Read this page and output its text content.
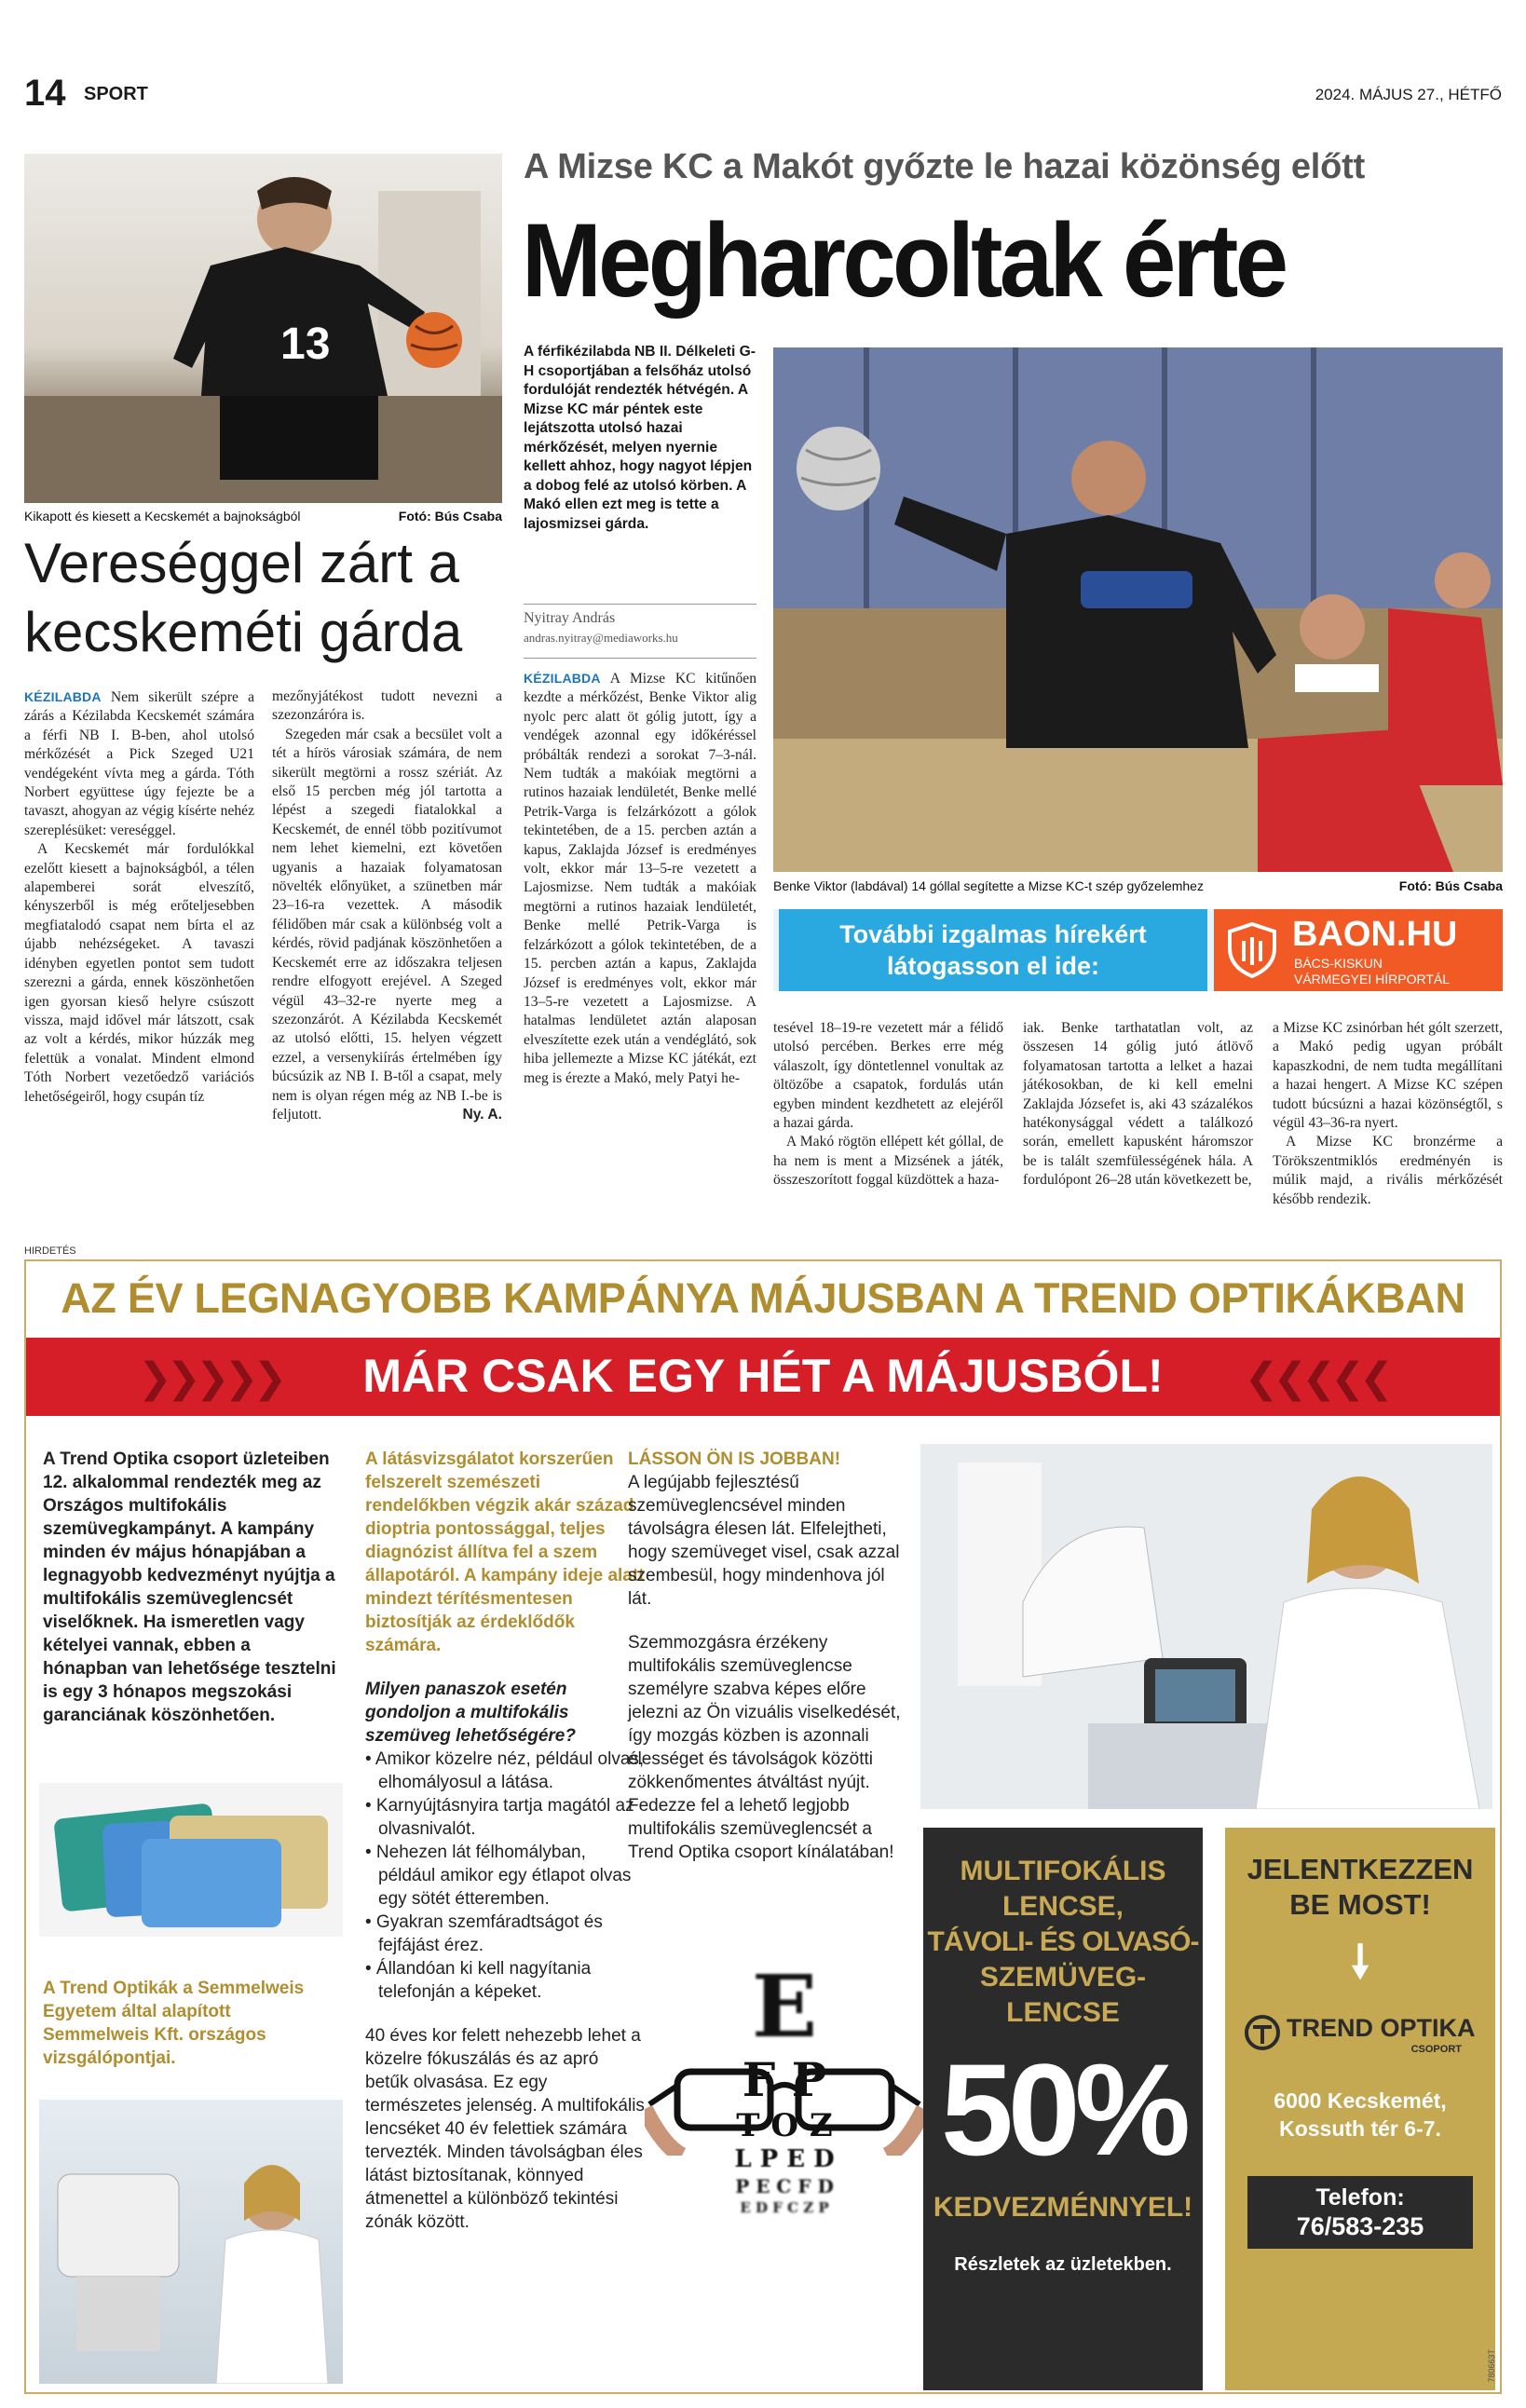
14 SPORT	2024. MÁJUS 27., HÉTFŐ
13
Kikapott és kiesett a Kecskemét a bajnokságból	Fotó: Bús Csaba
Vereséggel zárt a
kecskeméti gárda

KÉZILABDA Nem sikerült szépre a zárás a Kézilabda Kecskemét számára a férfi NB I. B-ben, ahol utolsó mérkőzését a Pick Szeged U21 vendégeként vívta meg a gárda. Tóth Norbert együttese úgy fejezte be a tavaszt, ahogyan az végig kísérte nehéz szereplésüket: vereséggel.

A Kecskemét már fordulókkal ezelőtt kiesett a bajnokságból, a télen alapemberei sorát elveszítő, kényszerből is még erőteljesebben megfiatalodó csapat nem bírta el az újabb nehézségeket. A tavaszi idényben egyetlen pontot sem tudott szerezni a gárda, ennek köszönhetően igen gyorsan kieső helyre csúszott vissza, majd idővel már látszott, csak az volt a kérdés, mikor húzzák meg felettük a vonalat. Mindent elmond Tóth Norbert vezetőedző variációs lehetőségeiről, hogy csupán tíz

mezőnyjátékost tudott nevezni a szezonzáróra is.

Szegeden már csak a becsület volt a tét a hírös városiak számára, de nem sikerült megtörni a rossz szériát. Az első 15 percben még jól tartotta a lépést a szegedi fiatalokkal a Kecskemét, de ennél több pozitívumot nem lehet kiemelni, ezt követően ugyanis a hazaiak folyamatosan növelték előnyüket, a szünetben már 23–16-ra vezettek. A második félidőben már csak a különbség volt a kérdés, rövid padjának köszönhetően a Kecskemét erre az időszakra teljesen rendre elfogyott erejével. A Szeged végül 43–32-re nyerte meg a szezonzárót. A Kézilabda Kecskemét az utolsó előtti, 15. helyen végzett ezzel, a versenykiírás értelmében így búcsúzik az NB I. B-től a csapat, mely nem is olyan régen még az NB I.-be is feljutott.	Ny. A.

A Mizse KC a Makót győzte le hazai közönség előtt
Megharcoltak érte
A férfikézilabda NB II. Délkeleti G-H csoportjában a felsőház utolsó fordulóját rendezték hétvégén. A Mizse KC már péntek este lejátszotta utolsó hazai mérkőzését, melyen nyernie kellett ahhoz, hogy nagyot lépjen a dobog felé az utolsó körben. A Makó ellen ezt meg is tette a lajosmizsei gárda.
Nyitray András
andras.nyitray@mediaworks.hu

KÉZILABDA A Mizse KC kitűnően kezdte a mérkőzést, Benke Viktor alig nyolc perc alatt öt gólig jutott, így a vendégek azonnal egy időkéréssel próbálták rendezi a sorokat 7–3-nál. Nem tudták a makóiak megtörni a rutinos hazaiak lendületét, Benke mellé Petrik-Varga is felzárkózott a gólok tekintetében, de a 15. percben aztán a kapus, Zaklajda József is eredményes volt, ekkor már 13–5-re vezetett a Lajosmizse. Nem tudták a makóiak megtörni a rutinos hazaiak lendületét, Benke mellé Petrik-Varga is felzárkózott a gólok tekintetében, de a 15. percben aztán a kapus, Zaklajda József is eredményes volt, ekkor már 13–5-re vezetett a Lajosmizse. A hatalmas lendületet aztán alaposan elveszítette ezek után a vendéglátó, sok hiba jellemezte a Mizse KC játékát, ezt meg is érezte a Makó, mely Patyi he-

Benke Viktor (labdával) 14 góllal segítette a Mizse KC-t szép győzelemhez	Fotó: Bús Csaba
További izgalmas hírekért
látogasson el ide:
BAON.HU
BÁCS-KISKUN
VÁRMEGYEI HÍRPORTÁL

tesével 18–19-re vezetett már a félidő utolsó percében. Berkes erre még válaszolt, így döntetlennel vonultak az öltözőbe a csapatok, fordulás után egyben mindent kezdhetett az elejéről a hazai gárda.

A Makó rögtön ellépett két góllal, de ha nem is ment a Mizsének a játék, összeszorított foggal küzdöttek a haza-

iak. Benke tarthatatlan volt, az összesen 14 gólig jutó átlövő folyamatosan tartotta a lelket a hazai játékosokban, de ki kell emelni Zaklajda Józsefet is, aki 43 százalékos hatékonysággal védett a találkozó során, emellett kapusként háromszor be is talált szemfülességének hála. A fordulópont 26–28 után következett be,

a Mizse KC zsinórban hét gólt szerzett, a Makó pedig ugyan próbált kapaszkodni, de nem tudta megállítani a hazai hengert. A Mizse KC szépen tudott búcsúzni a hazai közönségtől, s végül 43–36-ra nyert.

A Mizse KC bronzérme a Törökszentmiklós eredményén is múlik majd, a rivális mérkőzését később rendezik.

HIRDETÉS
AZ ÉV LEGNAGYOBB KAMPÁNYA MÁJUSBAN A TREND OPTIKÁKBAN
❯❯❯❯❯	MÁR CSAK EGY HÉT A MÁJUSBÓL!	❮❮❮❮❮

A Trend Optika csoport üzleteiben 12. alkalommal rendezték meg az Országos multifokális szemüvegkampányt. A kampány minden év május hónapjában a legnagyobb kedvezményt nyújtja a multifokális szemüveglencsét viselőknek. Ha ismeretlen vagy kételyei vannak, ebben a hónapban van lehetősége tesztelni is egy 3 hónapos megszokási garanciának köszönhetően.

A Trend Optikák a Semmelweis Egyetem által alapított Semmelweis Kft. országos vizsgálópontjai.

A látásvizsgálatot korszerűen felszerelt szemészeti rendelőkben végzik akár század dioptria pontossággal, teljes diagnózist állítva fel a szem állapotáról. A kampány ideje alatt mindezt térítésmentesen biztosítják az érdeklődők számára.

Milyen panaszok esetén gondoljon a multifokális szemüveg lehetőségére?

• Amikor közelre néz, például olvas, elhomályosul a látása.
• Karnyújtásnyira tartja magától az olvasnivalót.
• Nehezen lát félhomályban, például amikor egy étlapot olvas egy sötét étteremben.
• Gyakran szemfáradtságot és fejfájást érez.
• Állandóan ki kell nagyítania telefonján a képeket.

40 éves kor felett nehezebb lehet a közelre fókuszálás és az apró betűk olvasása. Ez egy természetes jelenség. A multifokális lencséket 40 év felettiek számára tervezték. Minden távolságban éles látást biztosítanak, könnyed átmenettel a különböző tekintési zónák között.

LÁSSON ÖN IS JOBBAN!

A legújabb fejlesztésű szemüveglencsével minden távolságra élesen lát. Elfelejtheti, hogy szemüveget visel, csak azzal szembesül, hogy mindenhova jól lát.

Szemmozgásra érzékeny multifokális szemüveglencse személyre szabva képes előre jelezni az Ön vizuális viselkedését, így mozgás közben is azonnali élességet és távolságok közötti zökkenőmentes átváltást nyújt. Fedezze fel a lehető legjobb multifokális szemüveglencsét a Trend Optika csoport kínálatában!

E
F P
T O Z
L P E D
P E C F D
E D F C Z P
MULTIFOKÁLIS
LENCSE,
TÁVOLI- ÉS OLVASÓ-
SZEMÜVEG-LENCSE
50%
KEDVEZMÉNNYEL!
Részletek az üzletekben.
JELENTKEZZEN
BE MOST!
🠗
TREND OPTIKA
CSOPORT
6000 Kecskemét,
Kossuth tér 6-7.
Telefon:
76/583-235
780663T
